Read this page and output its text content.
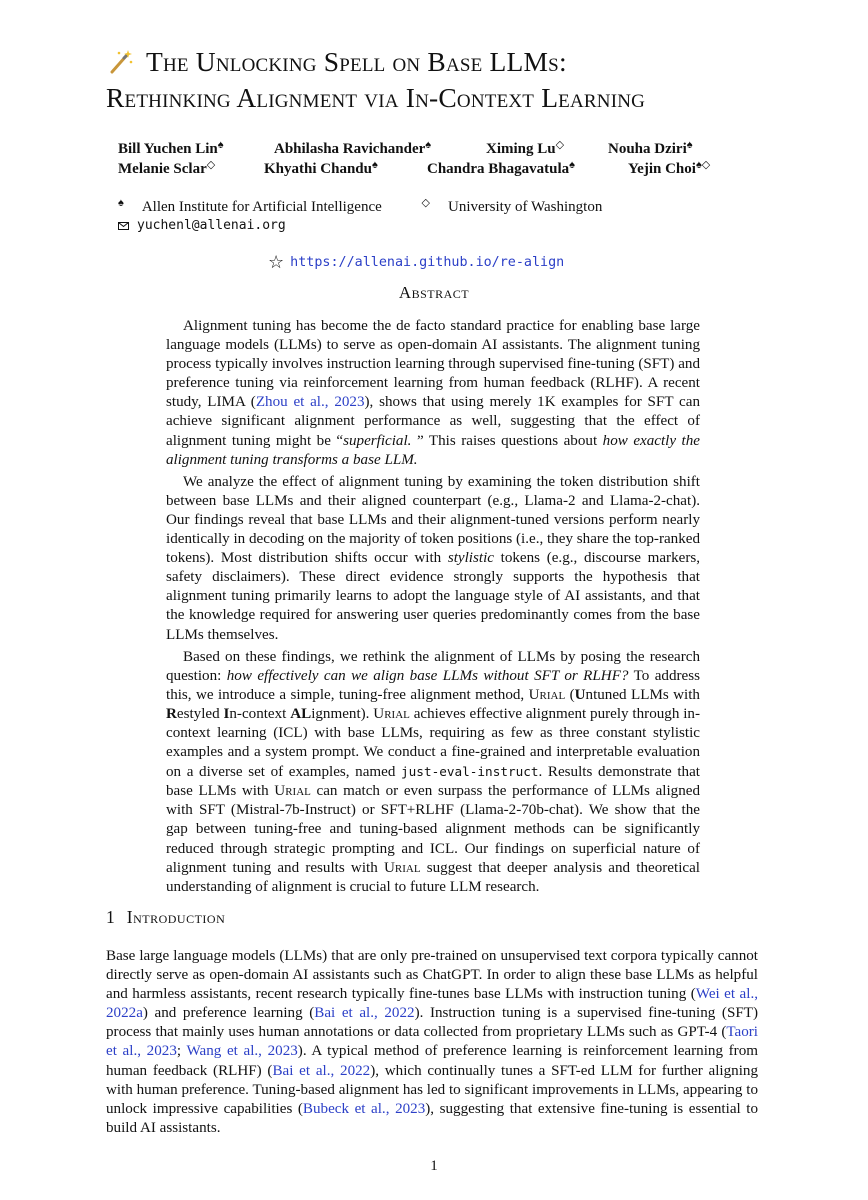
The Unlocking Spell on Base LLMs:
Rethinking Alignment via In-Context Learning
Bill Yuchen Lin♠	Abhilasha Ravichander♠	Ximing Lu◇	Nouha Dziri♠
Melanie Sclar◇	Khyathi Chandu♠	Chandra Bhagavatula♠	Yejin Choi♠◇
♠ Allen Institute for Artificial Intelligence	◇ University of Washington
yuchenl@allenai.org
☆ https://allenai.github.io/re-align
Abstract

Alignment tuning has become the de facto standard practice for enabling base large language models (LLMs) to serve as open-domain AI assistants. The alignment tuning process typically involves instruction learning through supervised fine-tuning (SFT) and preference tuning via reinforcement learning from human feedback (RLHF). A recent study, LIMA (Zhou et al., 2023), shows that using merely 1K examples for SFT can achieve significant alignment performance as well, suggesting that the effect of alignment tuning might be “superficial. ” This raises questions about how exactly the alignment tuning transforms a base LLM.

We analyze the effect of alignment tuning by examining the token distribution shift between base LLMs and their aligned counterpart (e.g., Llama-2 and Llama-2-chat). Our findings reveal that base LLMs and their alignment-tuned versions perform nearly identically in decoding on the majority of token positions (i.e., they share the top-ranked tokens). Most distribution shifts occur with stylistic tokens (e.g., discourse markers, safety disclaimers). These direct evidence strongly supports the hypothesis that alignment tuning primarily learns to adopt the language style of AI assistants, and that the knowledge required for answering user queries predominantly comes from the base LLMs themselves.

Based on these findings, we rethink the alignment of LLMs by posing the research question: how effectively can we align base LLMs without SFT or RLHF? To address this, we introduce a simple, tuning-free alignment method, Urial (Untuned LLMs with Restyled In-context ALignment). Urial achieves effective alignment purely through in-context learning (ICL) with base LLMs, requiring as few as three constant stylistic examples and a system prompt. We conduct a fine-grained and interpretable evaluation on a diverse set of examples, named just-eval-instruct. Results demonstrate that base LLMs with Urial can match or even surpass the performance of LLMs aligned with SFT (Mistral-7b-Instruct) or SFT+RLHF (Llama-2-70b-chat). We show that the gap between tuning-free and tuning-based alignment methods can be significantly reduced through strategic prompting and ICL. Our findings on superficial nature of alignment tuning and results with Urial suggest that deeper analysis and theoretical understanding of alignment is crucial to future LLM research.

1 Introduction

Base large language models (LLMs) that are only pre-trained on unsupervised text corpora typically cannot directly serve as open-domain AI assistants such as ChatGPT. In order to align these base LLMs as helpful and harmless assistants, recent research typically fine-tunes base LLMs with instruction tuning (Wei et al., 2022a) and preference learning (Bai et al., 2022). Instruction tuning is a supervised fine-tuning (SFT) process that mainly uses human annotations or data collected from proprietary LLMs such as GPT-4 (Taori et al., 2023; Wang et al., 2023). A typical method of preference learning is reinforcement learning from human feedback (RLHF) (Bai et al., 2022), which continually tunes a SFT-ed LLM for further aligning with human preference. Tuning-based alignment has led to significant improvements in LLMs, appearing to unlock impressive capabilities (Bubeck et al., 2023), suggesting that extensive fine-tuning is essential to build AI assistants.

1
